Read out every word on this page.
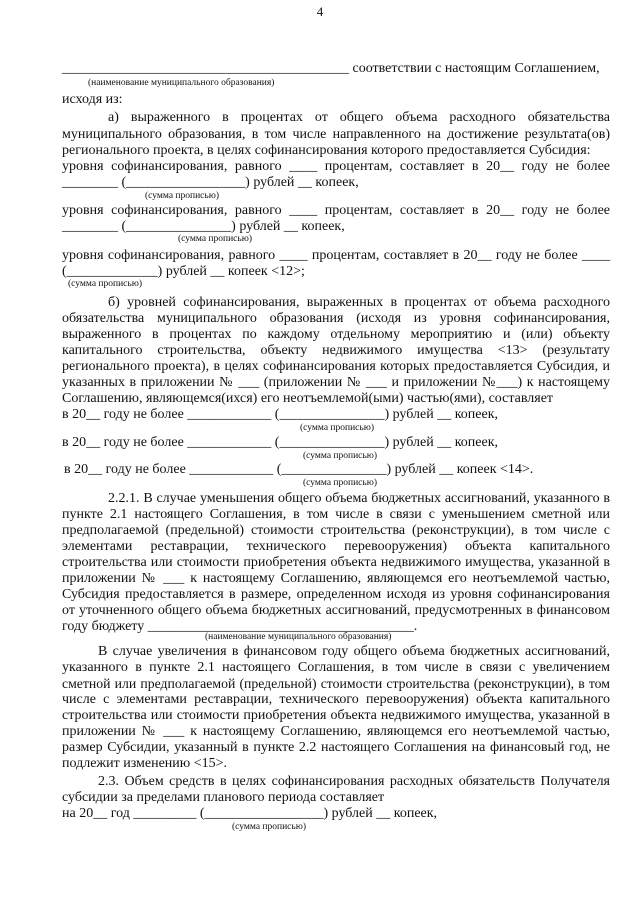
4
_________________________________________ соответствии с настоящим Соглашением,
(наименование муниципального образования)
исходя из:
а) выраженного в процентах от общего объема расходного обязательства
муниципального образования, в том числе направленного на достижение результата(ов)
регионального проекта, в целях софинансирования которого предоставляется Субсидия:
уровня софинансирования, равного ____ процентам, составляет в 20__ году не более
________ (_________________) рублей __ копеек,
(сумма прописью)
уровня софинансирования, равного ____ процентам, составляет в 20__ году не более
________ (_______________) рублей __ копеек,
(сумма прописью)
уровня софинансирования, равного ____ процентам, составляет в 20__ году не более ____
(_____________) рублей __ копеек <12>;
(сумма прописью)
б) уровней софинансирования, выраженных в процентах от объема расходного
обязательства муниципального образования (исходя из уровня софинансирования,
выраженного в процентах по каждому отдельному мероприятию и (или) объекту
капитального строительства, объекту недвижимого имущества <13> (результату
регионального проекта), в целях софинансирования которых предоставляется Субсидия, и
указанных в приложении № ___ (приложении № ___ и приложении №___) к настоящему
Соглашению, являющемся(ихся) его неотъемлемой(ыми) частью(ями), составляет
в 20__ году не более ____________ (_______________) рублей __ копеек,
(сумма прописью)
в 20__ году не более ____________ (_______________) рублей __ копеек,
(сумма прописью)
в 20__ году не более ____________ (_______________) рублей __ копеек <14>.
(сумма прописью)
2.2.1. В случае уменьшения общего объема бюджетных ассигнований, указанного в
пункте 2.1 настоящего Соглашения, в том числе в связи с уменьшением сметной или
предполагаемой (предельной) стоимости строительства (реконструкции), в том числе с
элементами реставрации, технического перевооружения) объекта капитального
строительства или стоимости приобретения объекта недвижимого имущества, указанной в
приложении № ___ к настоящему Соглашению, являющемся его неотъемлемой частью,
Субсидия предоставляется в размере, определенном исходя из уровня софинансирования
от уточненного общего объема бюджетных ассигнований, предусмотренных в финансовом
году бюджету ______________________________________.
(наименование муниципального образования)
В случае увеличения в финансовом году общего объема бюджетных ассигнований,
указанного в пункте 2.1 настоящего Соглашения, в том числе в связи с увеличением
сметной или предполагаемой (предельной) стоимости строительства (реконструкции), в том
числе с элементами реставрации, технического перевооружения) объекта капитального
строительства или стоимости приобретения объекта недвижимого имущества, указанной в
приложении № ___ к настоящему Соглашению, являющемся его неотъемлемой частью,
размер Субсидии, указанный в пункте 2.2 настоящего Соглашения на финансовый год, не
подлежит изменению <15>.
2.3. Объем средств в целях софинансирования расходных обязательств Получателя
субсидии за пределами планового периода составляет
на 20__ год _________ (_________________) рублей __ копеек,
(сумма прописью)
